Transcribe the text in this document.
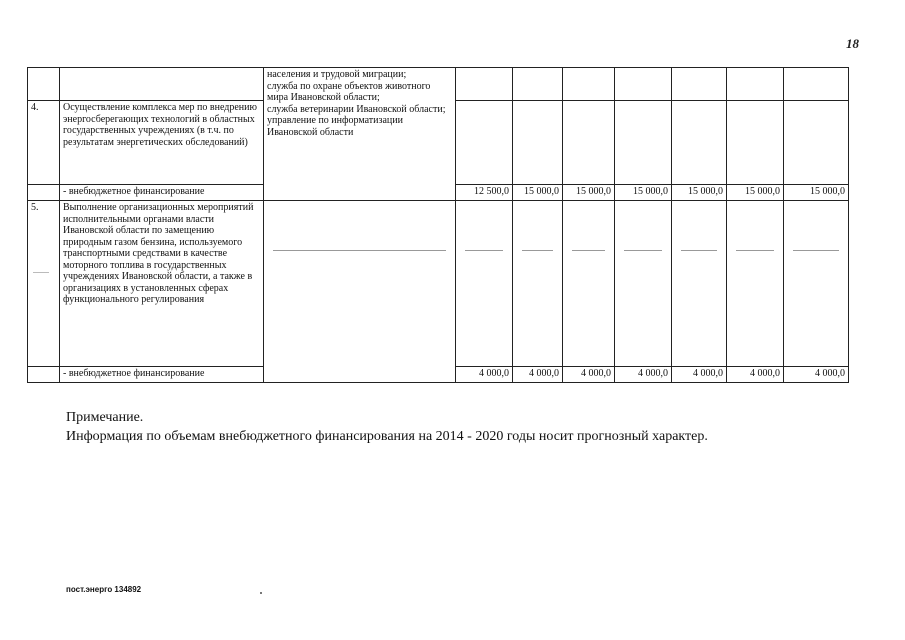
18

		населения и трудовой миграции;
служба по охране объектов животного мира Ивановской области;
служба ветеринарии Ивановской области;
управление по информатизации Ивановской области							

4.	Осуществление комплекса мер по внедрению энергосберегающих технологий в областных государственных учреждениях (в т.ч. по результатам энергетических обследований)								
	- внебюджетное финансирование		12 500,0	15 000,0	15 000,0	15 000,0	15 000,0	15 000,0	15 000,0
5.	Выполнение организационных мероприятий исполнительными органами власти Ивановской области по замещению природным газом бензина, используемого транспортными средствами в качестве моторного топлива в государственных учреждениях Ивановской области, а также в организациях в установленных сферах функционального регулирования	

	- внебюджетное финансирование		4 000,0	4 000,0	4 000,0	4 000,0	4 000,0	4 000,0	4 000,0
Примечание.
Информация по объемам внебюджетного финансирования на 2014 - 2020 годы носит прогнозный характер.
пост.энерго 134892
